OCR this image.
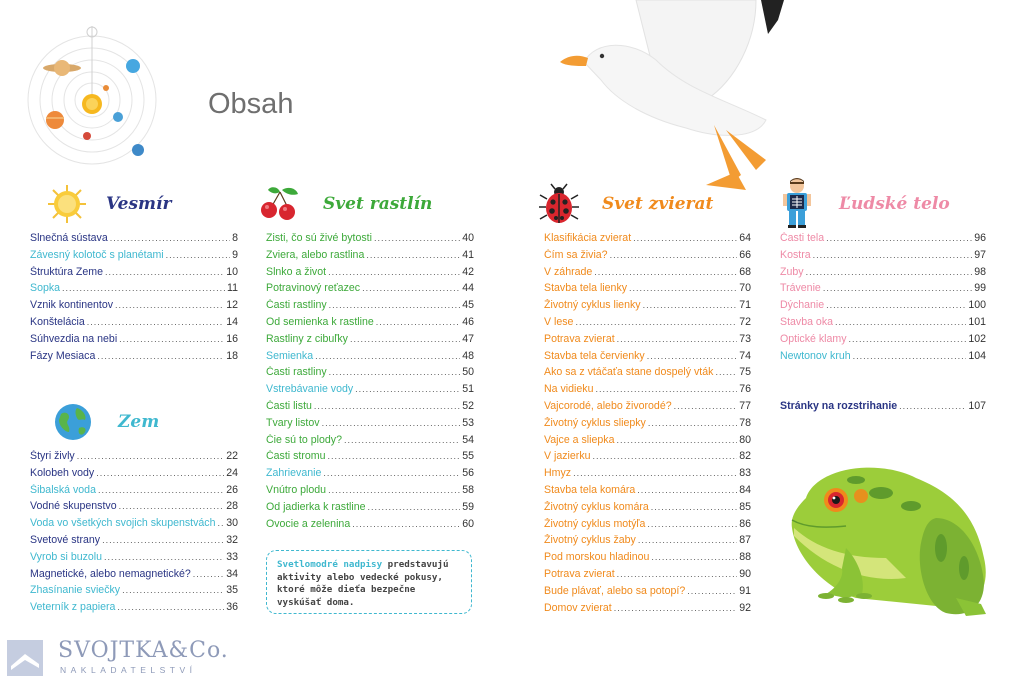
Obsah
Vesmír
Slnečná sústava .....	8
Závesný kolotoč s planétami .....	9
Štruktúra Zeme .....	10
Sopka .....	11
Vznik kontinentov .....	12
Konštelácia .....	14
Súhvezdia na nebi .....	16
Fázy Mesiaca .....	18
Zem
Štyri živly .....	22
Kolobeh vody .....	24
Šibalská voda .....	26
Vodné skupenstvo .....	28
Voda vo všetkých svojich skupenstvách ..... 30
Svetové strany .....	32
Vyrob si buzolu .....	33
Magnetické, alebo nemagnetické? .....	34
Zhasínanie sviečky .....	35
Veterník z papiera .....	36
Svet rastlín
Zisti, čo sú živé bytosti .....	40
Zviera, alebo rastlina .....	41
Slnko a život .....	42
Potravinový reťazec .....	44
Časti rastliny .....	45
Od semienka k rastline .....	46
Rastliny z cibuľky .....	47
Semienka .....	48
Časti rastliny .....	50
Vstrebávanie vody .....	51
Časti listu .....	52
Tvary listov .....	53
Čie sú to plody? .....	54
Časti stromu .....	55
Zahrievanie .....	56
Vnútro plodu .....	58
Od jadierka k rastline .....	59
Ovocie a zelenina .....	60
Svetlomodré nadpisy predstavujú aktivity alebo vedecké pokusy, ktoré môže dieťa bezpečne vyskúšať doma.
Svet zvierat
Klasifikácia zvierat .....	64
Čím sa živia? .....	66
V záhrade .....	68
Stavba tela lienky .....	70
Životný cyklus lienky .....	71
V lese .....	72
Potrava zvierat .....	73
Stavba tela červienky .....	74
Ako sa z vtáčaťa stane dospelý vták ..... 75
Na vidieku .....	76
Vajcorodé, alebo živorodé? .....	77
Životný cyklus sliepky .....	78
Vajce a sliepka .....	80
V jazierku .....	82
Hmyz .....	83
Stavba tela komára .....	84
Životný cyklus komára .....	85
Životný cyklus motýľa .....	86
Životný cyklus žaby .....	87
Pod morskou hladinou .....	88
Potrava zvierat .....	90
Bude plávať, alebo sa potopí? .....	91
Domov zvierat .....	92
Ľudské telo
Časti tela .....	96
Kostra .....	97
Zuby .....	98
Trávenie .....	99
Dýchanie .....	100
Stavba oka .....	101
Optické klamy .....	102
Newtonov kruh .....	104
Stránky na rozstrihanie .....	107
SVOJTKA&Co.
NAKLADATELSTVÍ
